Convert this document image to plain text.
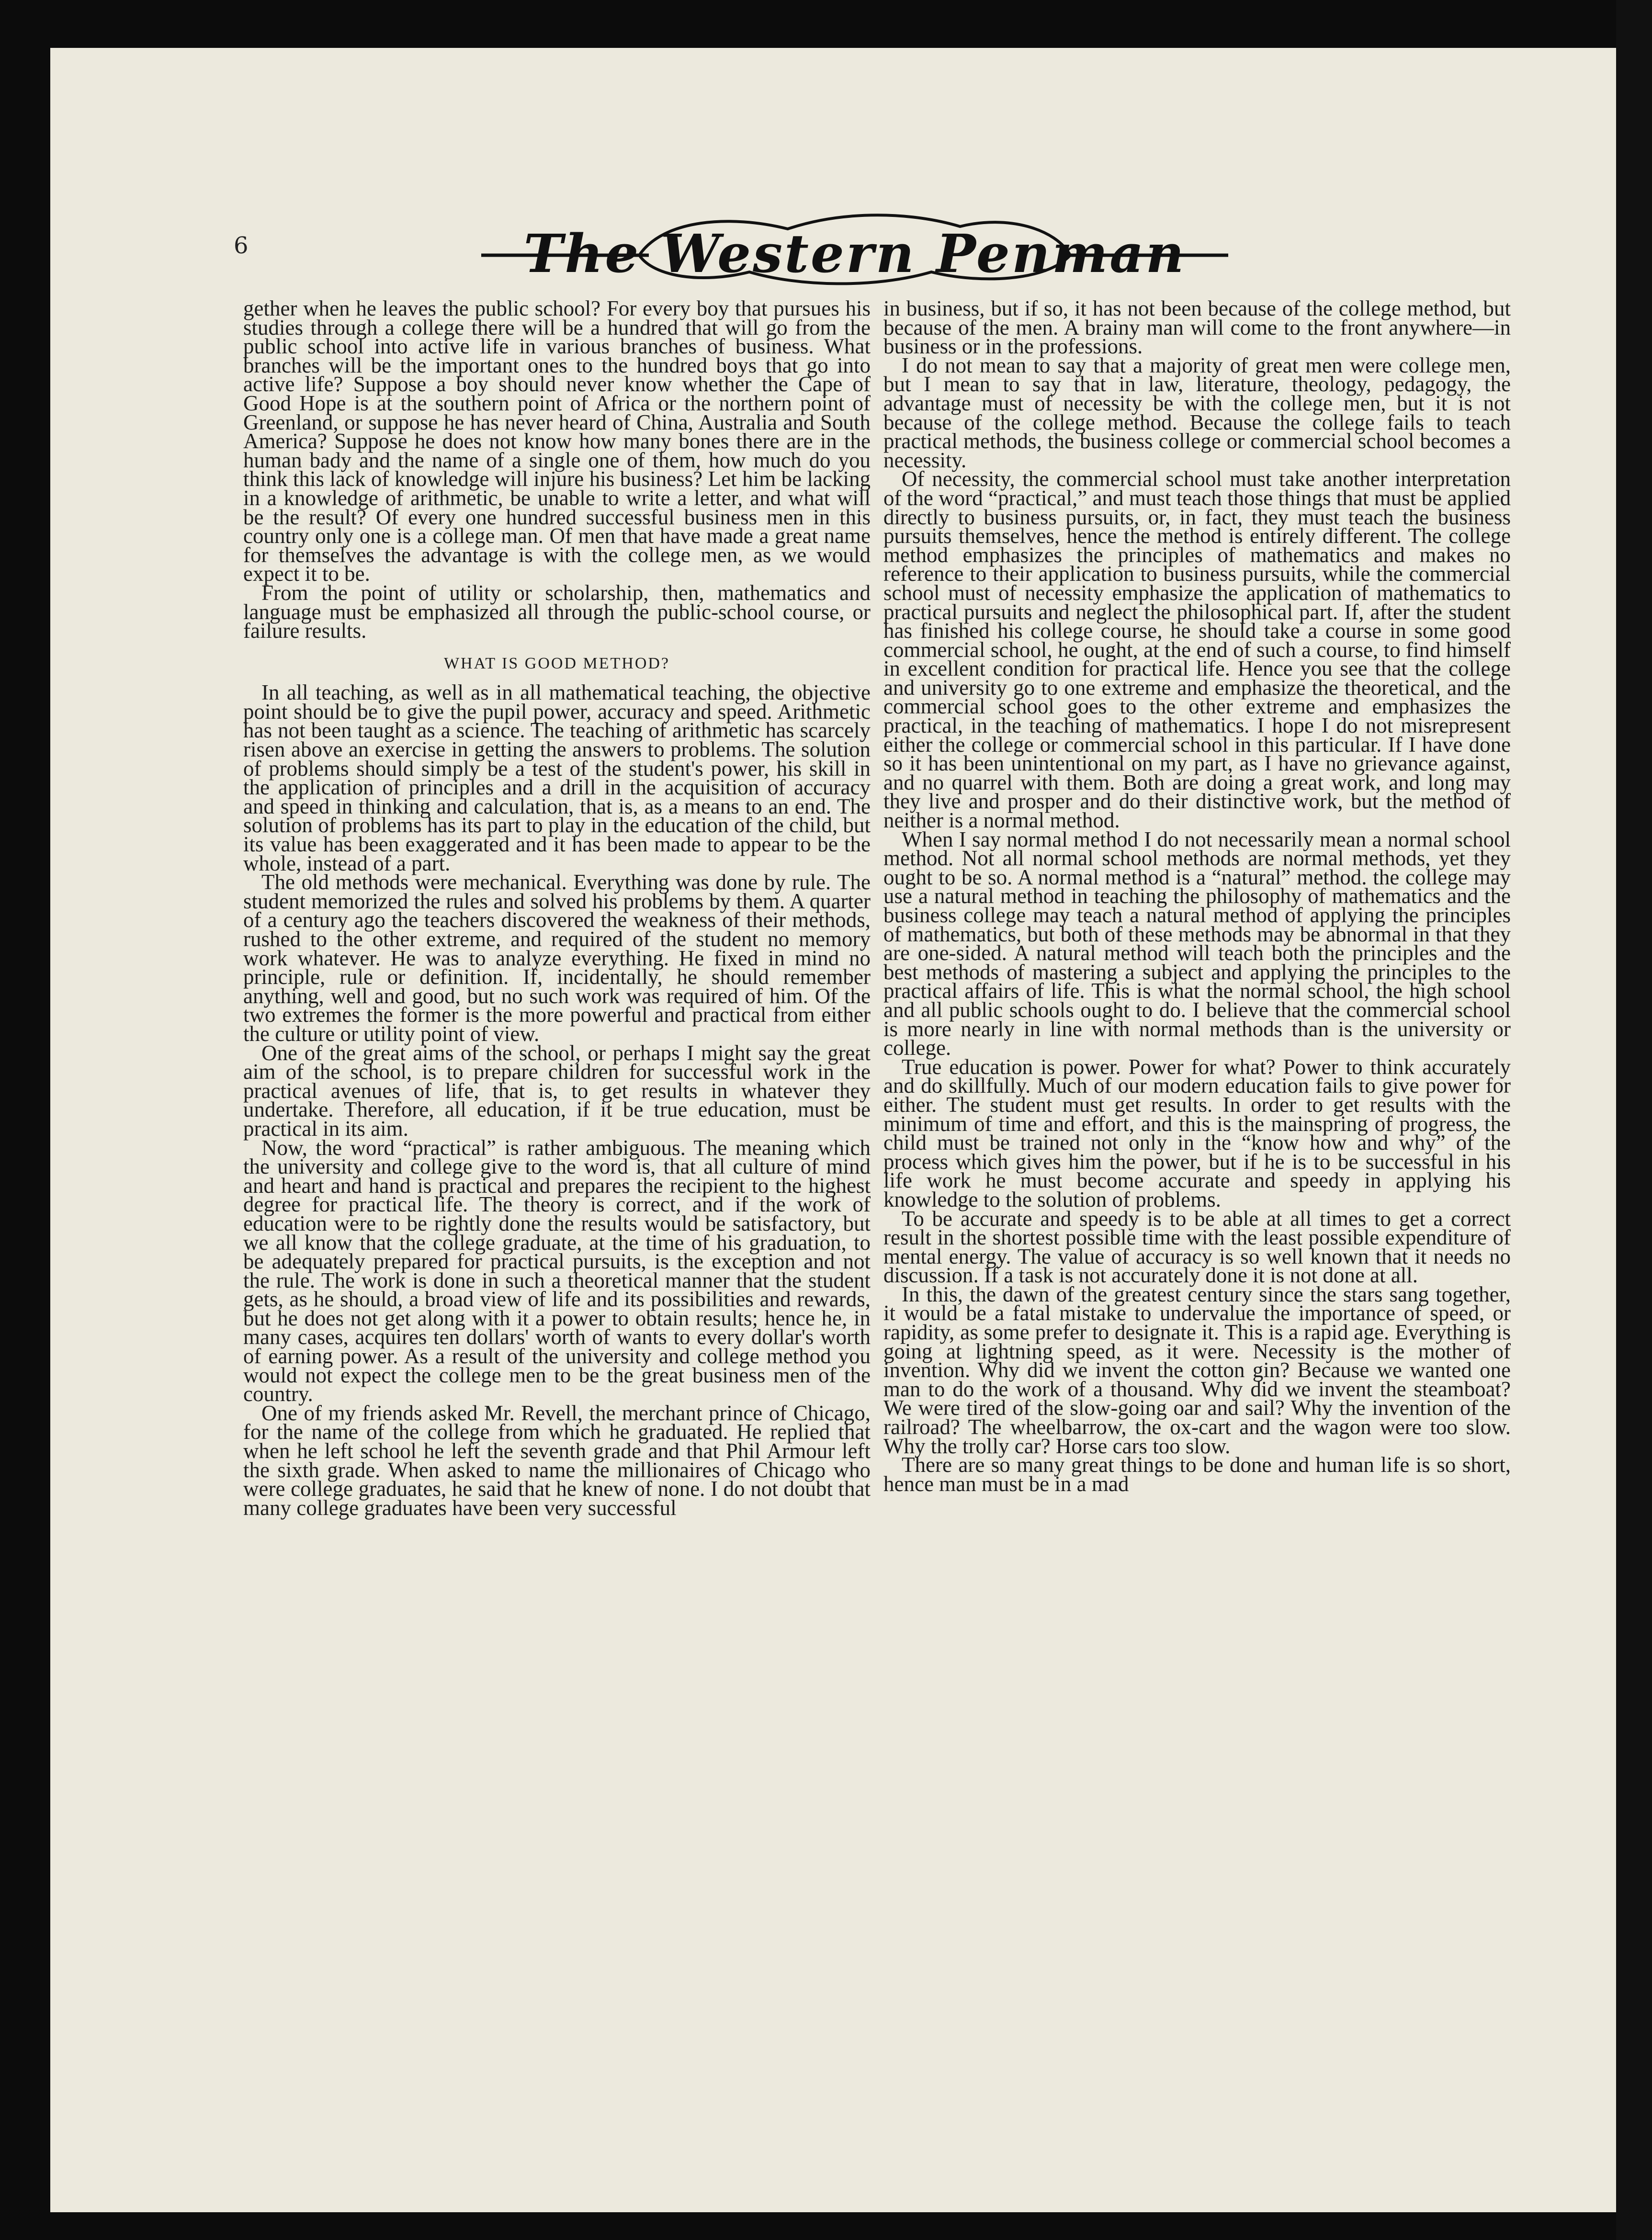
6	The Western Penman

gether when he leaves the public school? For every boy that pursues his studies through a college there will be a hundred that will go from the public school into active life in various branches of business. What branches will be the important ones to the hundred boys that go into active life? Suppose a boy should never know whether the Cape of Good Hope is at the southern point of Africa or the northern point of Greenland, or suppose he has never heard of China, Australia and South America? Suppose he does not know how many bones there are in the human bady and the name of a single one of them, how much do you think this lack of knowledge will injure his business? Let him be lacking in a knowledge of arithmetic, be unable to write a letter, and what will be the result? Of every one hundred successful business men in this country only one is a college man. Of men that have made a great name for themselves the advantage is with the college men, as we would expect it to be.

From the point of utility or scholarship, then, mathematics and language must be emphasized all through the public-school course, or failure results.

WHAT IS GOOD METHOD?

In all teaching, as well as in all mathematical teaching, the objective point should be to give the pupil power, accuracy and speed. Arithmetic has not been taught as a science. The teaching of arithmetic has scarcely risen above an exercise in getting the answers to problems. The solution of problems should simply be a test of the student's power, his skill in the application of principles and a drill in the acquisition of accuracy and speed in thinking and calculation, that is, as a means to an end. The solution of problems has its part to play in the education of the child, but its value has been exaggerated and it has been made to appear to be the whole, instead of a part.

The old methods were mechanical. Everything was done by rule. The student memorized the rules and solved his problems by them. A quarter of a century ago the teachers discovered the weakness of their methods, rushed to the other extreme, and required of the student no memory work whatever. He was to analyze everything. He fixed in mind no principle, rule or definition. If, incidentally, he should remember anything, well and good, but no such work was required of him. Of the two extremes the former is the more powerful and practical from either the culture or utility point of view.

One of the great aims of the school, or perhaps I might say the great aim of the school, is to prepare children for successful work in the practical avenues of life, that is, to get results in whatever they undertake. Therefore, all education, if it be true education, must be practical in its aim.

Now, the word “practical” is rather ambiguous. The meaning which the university and college give to the word is, that all culture of mind and heart and hand is practical and prepares the recipient to the highest degree for practical life. The theory is correct, and if the work of education were to be rightly done the results would be satisfactory, but we all know that the college graduate, at the time of his graduation, to be adequately prepared for practical pursuits, is the exception and not the rule. The work is done in such a theoretical manner that the student gets, as he should, a broad view of life and its possibilities and rewards, but he does not get along with it a power to obtain results; hence he, in many cases, acquires ten dollars' worth of wants to every dollar's worth of earning power. As a result of the university and college method you would not expect the college men to be the great business men of the country.

One of my friends asked Mr. Revell, the merchant prince of Chicago, for the name of the college from which he graduated. He replied that when he left school he left the seventh grade and that Phil Armour left the sixth grade. When asked to name the millionaires of Chicago who were college graduates, he said that he knew of none. I do not doubt that many college graduates have been very successful

in business, but if so, it has not been because of the college method, but because of the men. A brainy man will come to the front anywhere—in business or in the professions.

I do not mean to say that a majority of great men were college men, but I mean to say that in law, literature, theology, pedagogy, the advantage must of necessity be with the college men, but it is not because of the college method. Because the college fails to teach practical methods, the business college or commercial school becomes a necessity.

Of necessity, the commercial school must take another interpretation of the word “practical,” and must teach those things that must be applied directly to business pursuits, or, in fact, they must teach the business pursuits themselves, hence the method is entirely different. The college method emphasizes the principles of mathematics and makes no reference to their application to business pursuits, while the commercial school must of necessity emphasize the application of mathematics to practical pursuits and neglect the philosophical part. If, after the student has finished his college course, he should take a course in some good commercial school, he ought, at the end of such a course, to find himself in excellent condition for practical life. Hence you see that the college and university go to one extreme and emphasize the theoretical, and the commercial school goes to the other extreme and emphasizes the practical, in the teaching of mathematics. I hope I do not misrepresent either the college or commercial school in this particular. If I have done so it has been unintentional on my part, as I have no grievance against, and no quarrel with them. Both are doing a great work, and long may they live and prosper and do their distinctive work, but the method of neither is a normal method.

When I say normal method I do not necessarily mean a normal school method. Not all normal school methods are normal methods, yet they ought to be so. A normal method is a “natural” method. the college may use a natural method in teaching the philosophy of mathematics and the business college may teach a natural method of applying the principles of mathematics, but both of these methods may be abnormal in that they are one-sided. A natural method will teach both the principles and the best methods of mastering a subject and applying the principles to the practical affairs of life. This is what the normal school, the high school and all public schools ought to do. I believe that the commercial school is more nearly in line with normal methods than is the university or college.

True education is power. Power for what? Power to think accurately and do skillfully. Much of our modern education fails to give power for either. The student must get results. In order to get results with the minimum of time and effort, and this is the mainspring of progress, the child must be trained not only in the “know how and why” of the process which gives him the power, but if he is to be successful in his life work he must become accurate and speedy in applying his knowledge to the solution of problems.

To be accurate and speedy is to be able at all times to get a correct result in the shortest possible time with the least possible expenditure of mental energy. The value of accuracy is so well known that it needs no discussion. If a task is not accurately done it is not done at all.

In this, the dawn of the greatest century since the stars sang together, it would be a fatal mistake to undervalue the importance of speed, or rapidity, as some prefer to designate it. This is a rapid age. Everything is going at lightning speed, as it were. Necessity is the mother of invention. Why did we invent the cotton gin? Because we wanted one man to do the work of a thousand. Why did we invent the steamboat? We were tired of the slow-going oar and sail? Why the invention of the railroad? The wheelbarrow, the ox-cart and the wagon were too slow. Why the trolly car? Horse cars too slow.

There are so many great things to be done and human life is so short, hence man must be in a mad
